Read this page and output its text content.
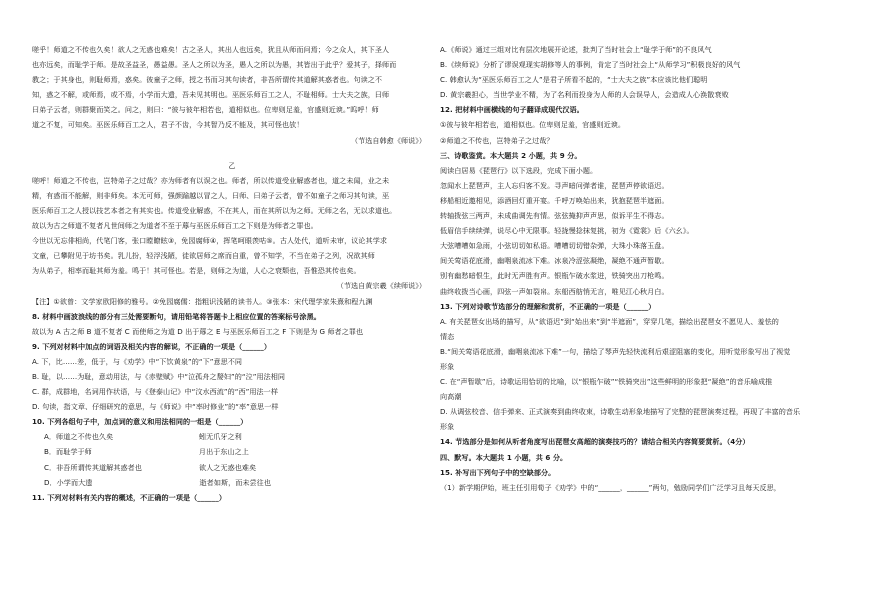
嗟乎！师道之不传也久矣！欲人之无惑也难矣！古之圣人，其出人也远矣，犹且从师而问焉；今之众人，其下圣人
也亦远矣，而耻学于师。是故圣益圣，愚益愚。圣人之所以为圣，愚人之所以为愚，其皆出于此乎？爱其子，择师而
教之；于其身也，则耻师焉，惑矣。彼童子之师，授之书而习其句读者，非吾所谓传其道解其惑者也。句读之不
知，惑之不解，或师焉，或不焉，小学而大遗，吾未见其明也。巫医乐师百工之人，不耻相师。士大夫之族，曰师
曰弟子云者，则群聚而笑之。问之，则曰：“彼与彼年相若也，道相似也。位卑则足羞，官盛则近谀。”呜呼！师
道之不复，可知矣。巫医乐师百工之人，君子不齿，今其智乃反不能及，其可怪也欤！
（节选自韩愈《师说》）
乙
嗟呼！师道之不传也，岂特弟子之过哉？亦为师者有以误之也。师者，所以传道受业解惑者也，道之未闻，业之未
精，有惑而不能解，则非师矣。本无可师，强颜踰越以冒之人，曰师、曰弟子云者，曾不如童子之师习其句读，巫
医乐师百工之人授以技艺本者之有其实也。传道受业解惑，不在其人，而在其所以为之师。无师之名，无以求道也。
故以为古之师道不复者凡世间师之为道者不至于蓐与巫医乐师百工之下则是为师者之罪也。
今世以无忘俳相尚，代笔门客，张口瞠瞭眩③，免园腐师④，挥笔呵眼羡咕⑤。古人处代，道听未审，议论其学求
文童，已攀附见于坊书矣。乳儿扮，轻浮浅陋，徒欲居师之席而自重，曾不知学，不当在弟子之列，况欲其师
为从弟子，相率而耻其师为羞。鸣于！其可怪也。若是，则师之为道，人心之衰颓也，吾惟恐其传也矣。
（节选自黄宗羲《续师说》）
【注】①欲曾：文学家欧阳修的雅号。②免园腐儒：指粗识浅陋的读书人。③张本：宋代理学家朱熹和程九渊
8. 材料中画波浪线的部分有三处需要断句，请用铅笔将答题卡上相应位置的答案标号涂黑。
故以为 A 古之师 B 道不复者 C 而使师之为道 D 出于蓐之 E 与巫医乐师百工之 F 下则是为 G 师者之罪也
9. 下列对材料中加点的词语及相关内容的解说，不正确的一项是（______）
A. 下，比……差，低于，与《劝学》中“下饮黄泉”的“下”意思不同
B. 耻，以……为耻，意动用法，与《赤壁赋》中“泣孤舟之嫠妇”的“泣”用法相同
C. 群，成群地，名词用作状语，与《登泰山记》中“汶水西流”的“西”用法一样
D. 句读，指文章、仔细研究的意思，与《师说》中“率时修业”的“率”意思一样
10. 下列各组句子中，加点词的意义和用法相同的一组是（______）
A．师道之不传也久矣　　　　　　　　　　　　蚓无爪牙之利
B．而耻学于师　　　　　　　　　　　　　　　月出于东山之上
C．非吾所谓传其道解其惑者也　　　　　　　　欲人之无惑也难矣
D．小学而大遗　　　　　　　　　　　　　　　逝者如斯，而未尝往也
11. 下列对材料有关内容的概述，不正确的一项是（______）
A.《师说》通过三组对比有层次地展开论述，批判了当时社会上“耻学于师”的不良风气
B.《续师说》分析了谬误观现实胡修等人的事例，肯定了当时社会上“从师学习”积极良好的风气
C. 韩愈认为“巫医乐师百工之人”是君子所看不起的，“士大夫之族”本应该比他们聪明
D. 黄宗羲担心，当世学业不精，为了名利而投身为人师的人会误导人，会造成人心涣散衰败
12. 把材料中画横线的句子翻译成现代汉语。
①彼与彼年相若也，道相似也。位卑则足羞，官盛则近谀。
②师道之不传也，岂特弟子之过哉？
三、诗歌鉴赏。本大题共 2 小题，共 9 分。
阅读白居易《琵琶行》以下选段，完成下面小题。
忽闻水上琵琶声，主人忘归客不发。寻声暗问弹者谁，琵琶声停欲语迟。
移船相近邀相见，添酒回灯重开宴。千呼万唤始出来，犹抱琵琶半遮面。
转轴拨弦三两声，未成曲调先有情。弦弦掩抑声声思，似诉平生不得志。
低眉信手续续弹，说尽心中无限事。轻拢慢捻抹复挑，初为《霓裳》后《六幺》。
大弦嘈嘈如急雨，小弦切切如私语。嘈嘈切切错杂弹，大珠小珠落玉盘。
间关莺语花底滑，幽咽泉流冰下难。冰泉冷涩弦凝绝，凝绝不通声暂歇。
别有幽愁暗恨生，此时无声胜有声。银瓶乍破水浆迸，铁骑突出刀枪鸣。
曲终收拨当心画，四弦一声如裂帛。东船西舫悄无言，唯见江心秋月白。
13. 下列对诗歌节选部分的理解和赏析，不正确的一项是（______）
A. 有关琵琶女出场的描写，从“欲语迟”到“始出来”到“半遮面”，穿穿几笔，描绘出琵琶女不愿见人、羞怯的
情态
B.“间关莺语花底滑，幽咽泉流冰下难”一句，描绘了琴声先轻快流利后艰涩阻塞的变化，用听觉形象写出了视觉
形象
C. 在“声暂歇”后，诗歌运用恰切的比喻，以“银瓶乍破”“铁骑突出”这些鲜明的形象把“凝绝”的音乐喻成推
向高潮
D. 从调弦校音、信手弹来、正式演奏到曲终收束，诗歌生动形象地描写了完整的琵琶演奏过程，再现了丰富的音乐
形象
14. 节选部分是如何从听者角度写出琵琶女高超的演奏技巧的？请结合相关内容简要赏析。（4分）
四、默写。本大题共 1 小题，共 6 分。
15. 补写出下列句子中的空缺部分。
（1）新学期伊始，班主任引用荀子《劝学》中的“______，______”两句，勉励同学们广泛学习且每天反思，
